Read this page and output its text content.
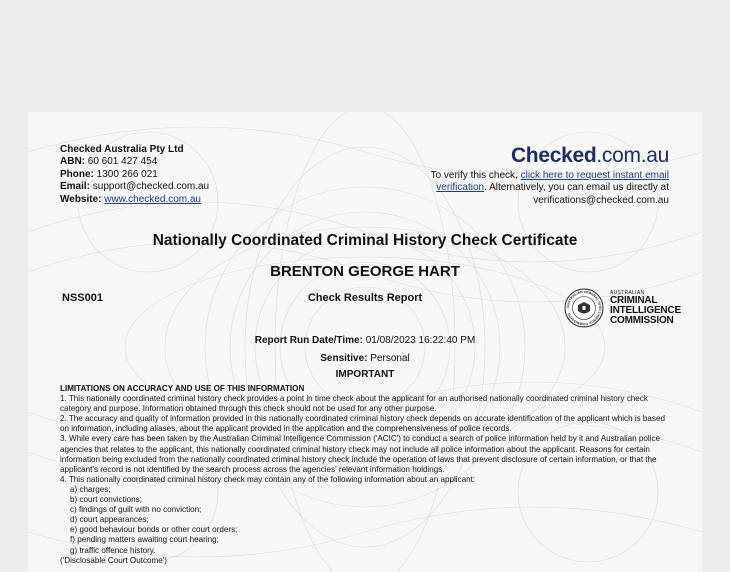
Checked Australia Pty Ltd
ABN: 60 601 427 454
Phone: 1300 266 021
Email: support@checked.com.au
Website: www.checked.com.au
Checked.com.au
To verify this check, click here to request instant email verification. Alternatively, you can email us directly at verifications@checked.com.au
Nationally Coordinated Criminal History Check Certificate
BRENTON GEORGE HART
NSS001	Check Results Report
AUSTRALIAN CRIMINAL INTELLIGENCE COMMISSION
AUSTRALIAN
CRIMINAL
INTELLIGENCE
COMMISSION
Report Run Date/Time: 01/08/2023 16:22:40 PM
Sensitive: Personal
IMPORTANT

LIMITATIONS ON ACCURACY AND USE OF THIS INFORMATION

1. This nationally coordinated criminal history check provides a point in time check about the applicant for an authorised nationally coordinated criminal history check category and purpose. Information obtained through this check should not be used for any other purpose.

2. The accuracy and quality of information provided in this nationally coordinated criminal history check depends on accurate identification of the applicant which is based on information, including aliases, about the applicant provided in the application and the comprehensiveness of police records.

3. While every care has been taken by the Australian Criminal Intelligence Commission ('ACIC') to conduct a search of police information held by it and Australian police agencies that relates to the applicant, this nationally coordinated criminal history check may not include all police information about the applicant. Reasons for certain information being excluded from the nationally coordinated criminal history check include the operation of laws that prevent disclosure of certain information, or that the applicant's record is not identified by the search process across the agencies' relevant information holdings.

4. This nationally coordinated criminal history check may contain any of the following information about an applicant:

a) charges;

b) court convictions;

c) findings of guilt with no conviction;

d) court appearances;

e) good behaviour bonds or other court orders;

f) pending matters awaiting court hearing;

g) traffic offence history.

('Disclosable Court Outcome')
